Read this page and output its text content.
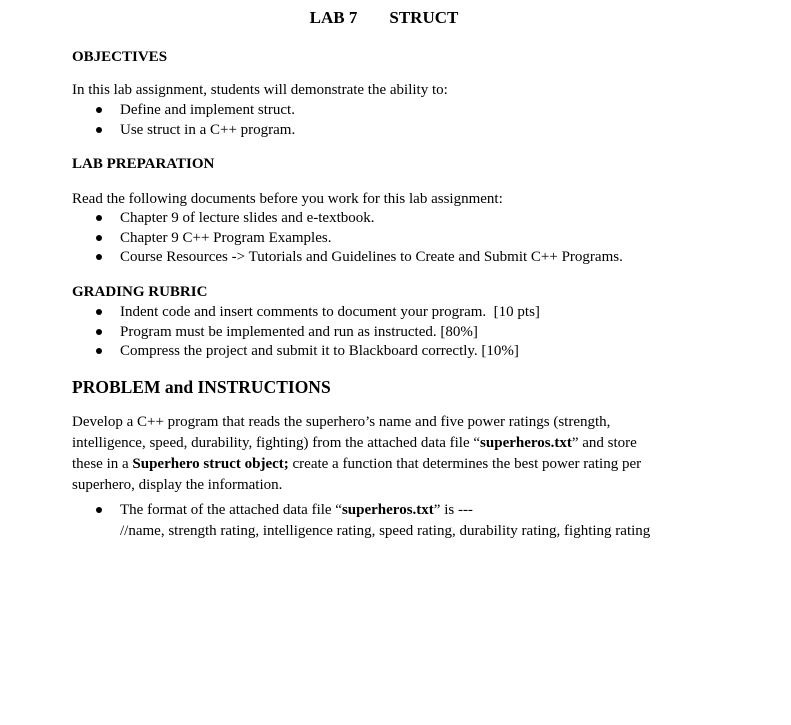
LAB 7 STRUCT
OBJECTIVES
In this lab assignment, students will demonstrate the ability to:
Define and implement struct.
Use struct in a C++ program.
LAB PREPARATION
Read the following documents before you work for this lab assignment:
Chapter 9 of lecture slides and e-textbook.
Chapter 9 C++ Program Examples.
Course Resources -> Tutorials and Guidelines to Create and Submit C++ Programs.
GRADING RUBRIC
Indent code and insert comments to document your program.  [10 pts]
Program must be implemented and run as instructed. [80%]
Compress the project and submit it to Blackboard correctly. [10%]
PROBLEM and INSTRUCTIONS
Develop a C++ program that reads the superhero’s name and five power ratings (strength,
intelligence, speed, durability, fighting) from the attached data file “superheros.txt” and store
these in a Superhero struct object; create a function that determines the best power rating per
superhero, display the information.
The format of the attached data file “superheros.txt” is ---
//name, strength rating, intelligence rating, speed rating, durability rating, fighting rating
